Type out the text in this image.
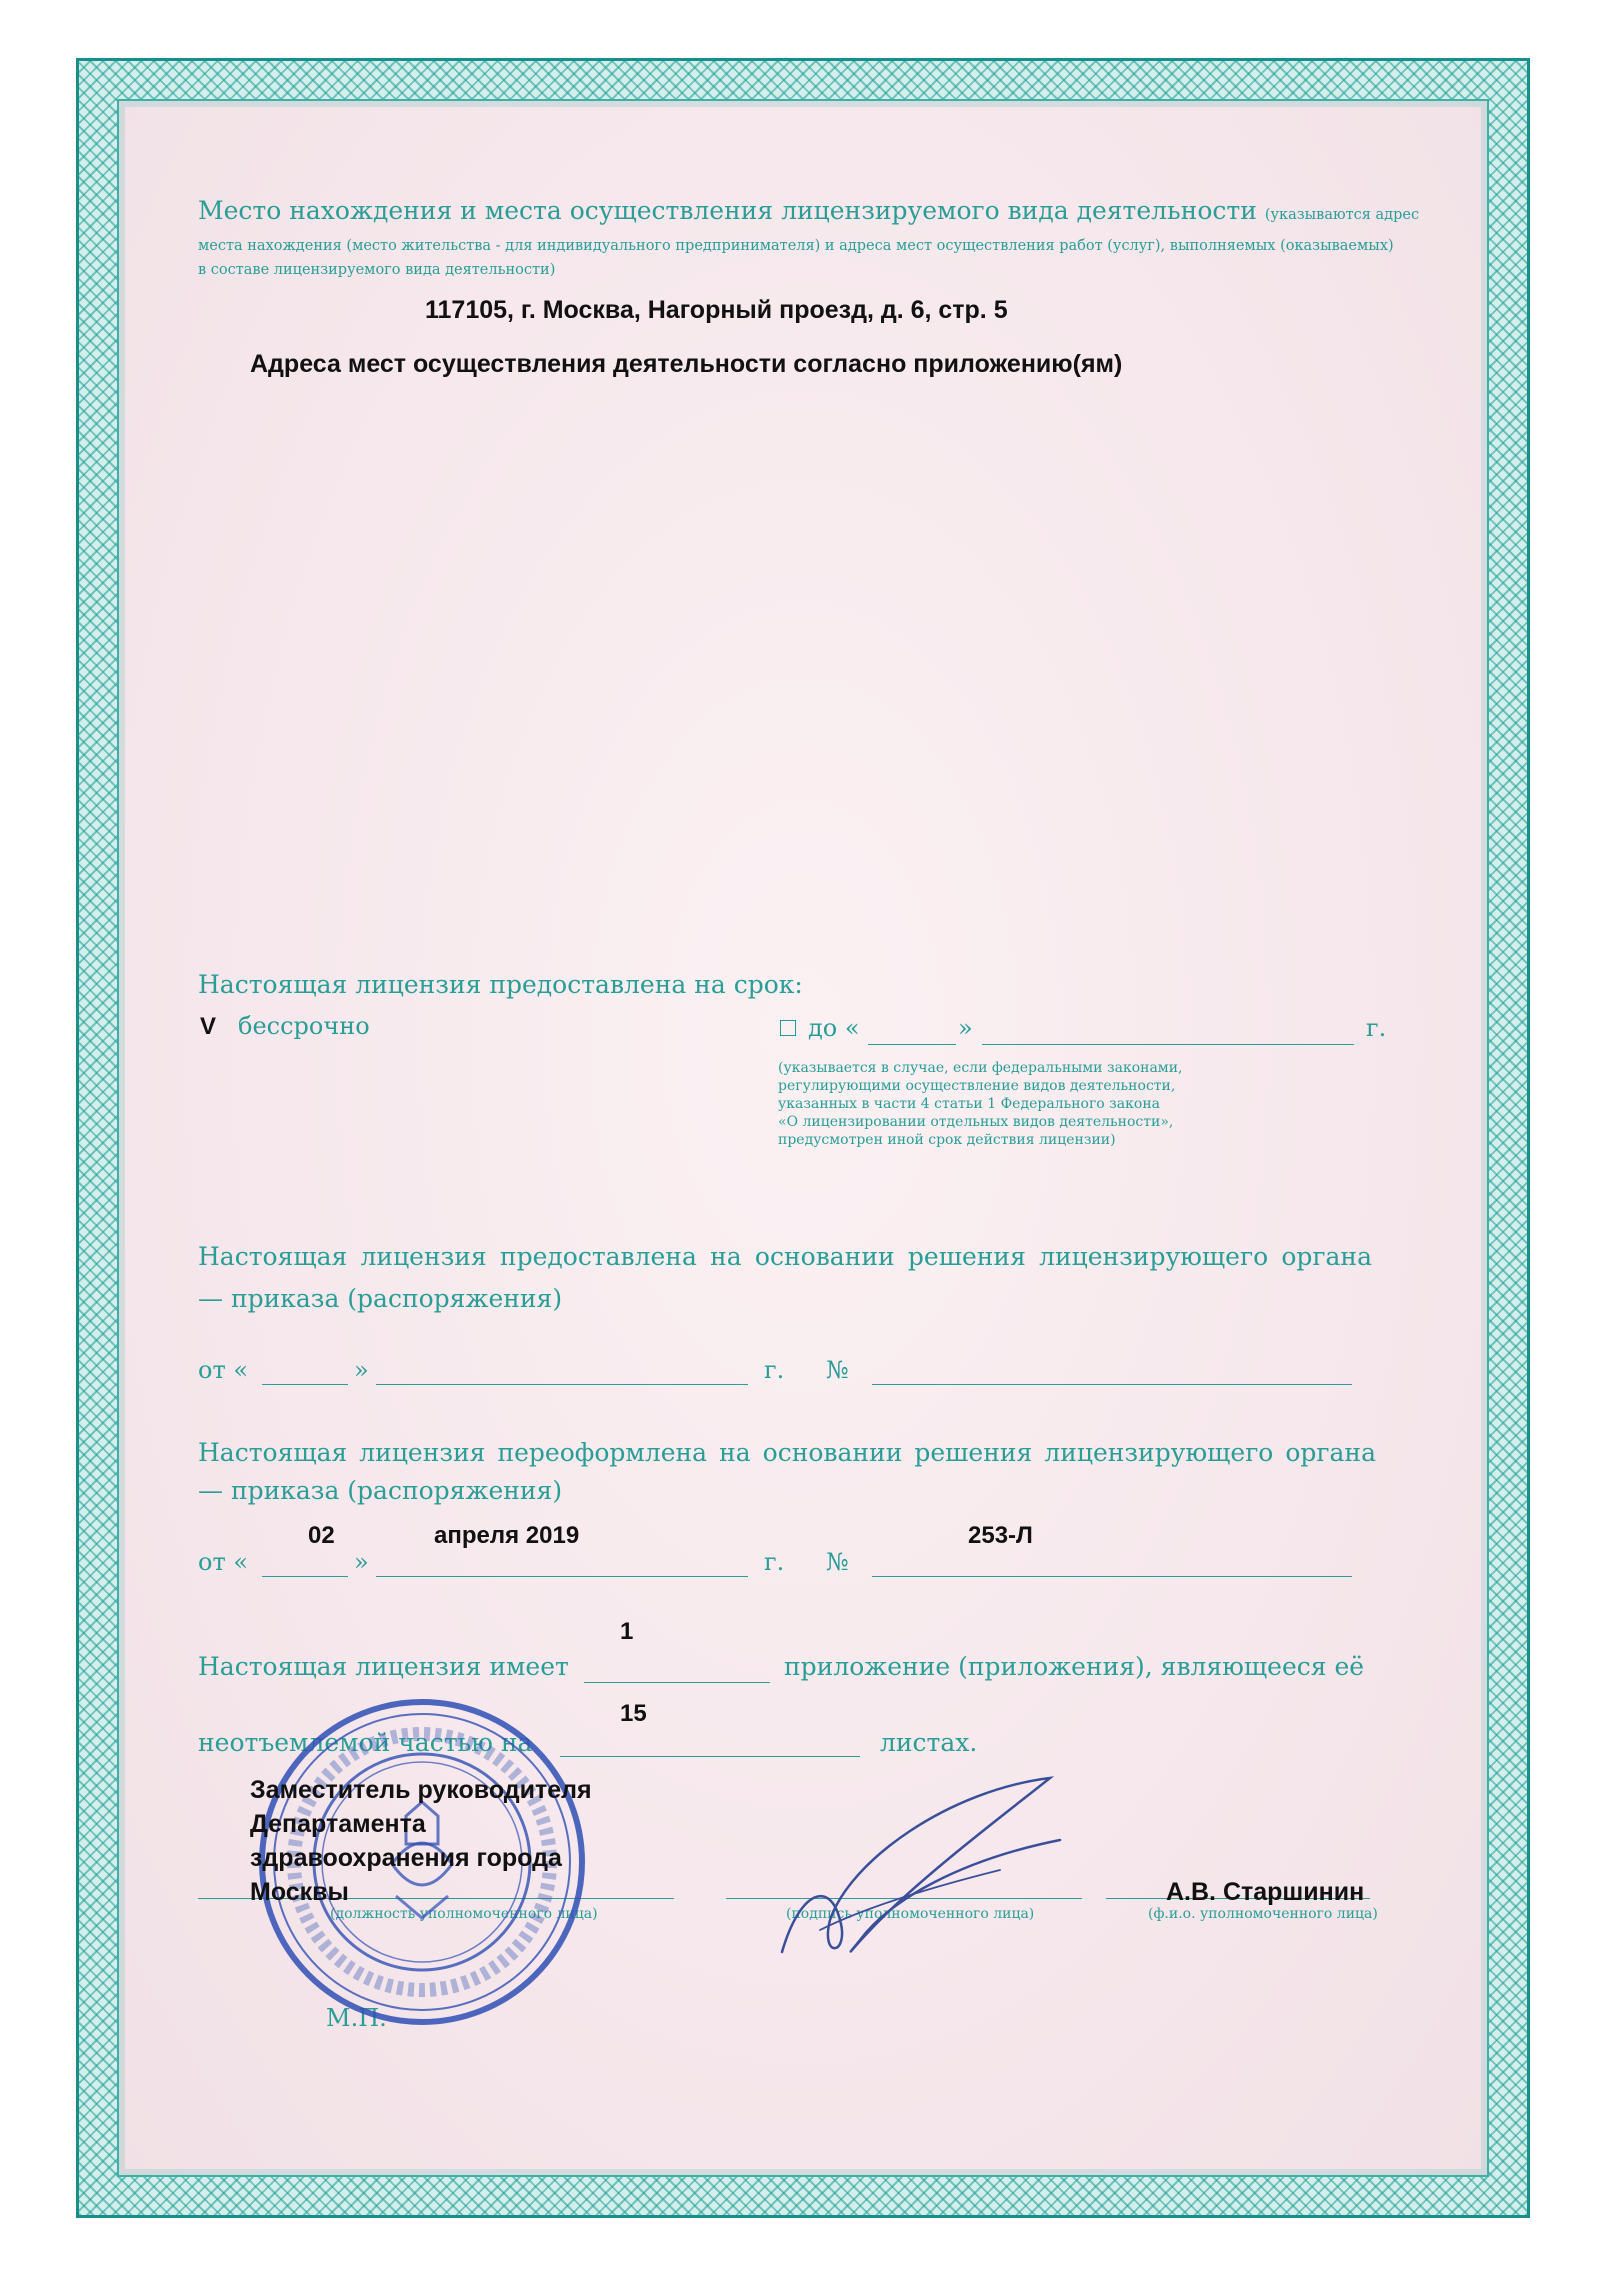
Место нахождения и места осуществления лицензируемого вида деятельности (указываются адрес
места нахождения (место жительства - для индивидуального предпринимателя) и адреса мест осуществления работ (услуг), выполняемых (оказываемых)
в составе лицензируемого вида деятельности)
117105, г. Москва, Нагорный проезд, д. 6, стр. 5
Адреса мест осуществления деятельности согласно приложению(ям)
Настоящая лицензия предоставлена на срок:
V бессрочно	до «	»	г.
(указывается в случае, если федеральными законами,
регулирующими осуществление видов деятельности,
указанных в части 4 статьи 1 Федерального закона
«О лицензировании отдельных видов деятельности»,
предусмотрен иной срок действия лицензии)
Настоящая лицензия предоставлена на основании решения лицензирующего органа
— приказа (распоряжения)
от «	»	г. №
Настоящая лицензия переоформлена на основании решения лицензирующего органа
— приказа (распоряжения)
02	апреля 2019	253-Л
от «	»	г. №
1
Настоящая лицензия имеет	приложение (приложения), являющееся её
15
неотъемлемой частью на	листах.
(должность уполномоченного лица)	(подпись уполномоченного лица)	(ф.и.о. уполномоченного лица)
М.П.
Заместитель руководителя
Департамента
здравоохранения города
Москвы	А.В. Старшинин
